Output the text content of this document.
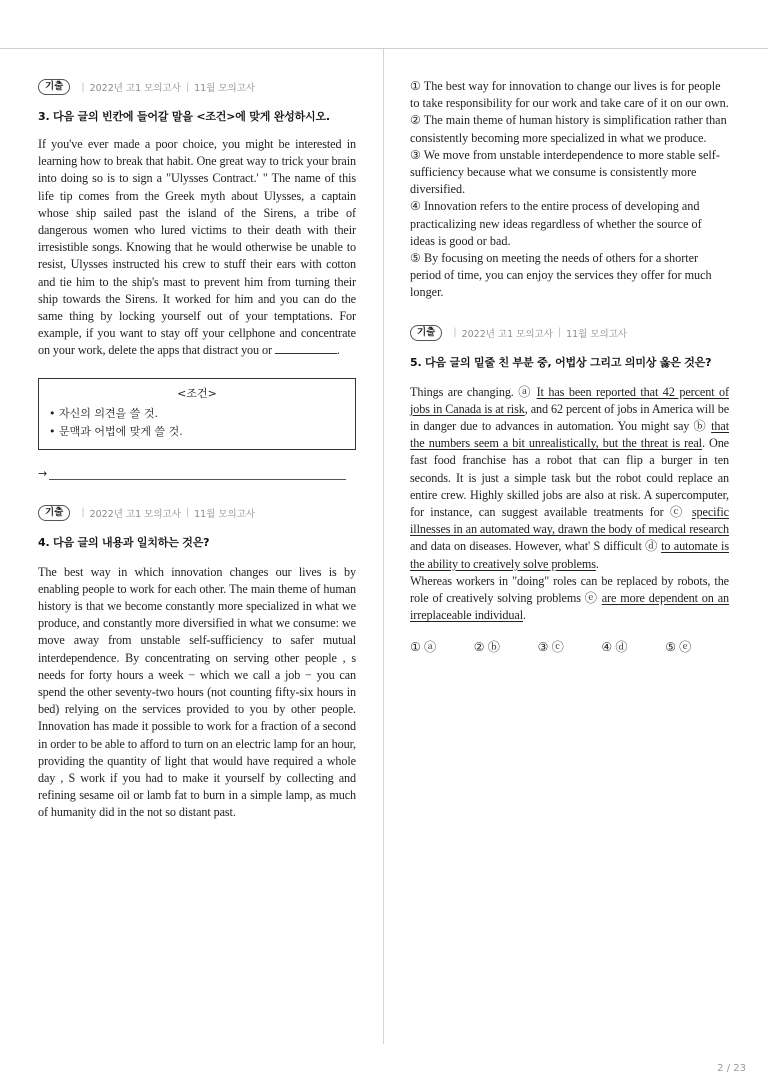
기출	| 2022년 고1 모의고사 | 11월 모의고사
3. 다음 글의 빈칸에 들어갈 말을 <조건>에 맞게 완성하시오.
If you've ever made a poor choice, you might be interested in learning how to break that habit. One great way to trick your brain into doing so is to sign a "Ulysses Contract.' " The name of this life tip comes from the Greek myth about Ulysses, a captain whose ship sailed past the island of the Sirens, a tribe of dangerous women who lured victims to their death with their irresistible songs. Knowing that he would otherwise be unable to resist, Ulysses instructed his crew to stuff their ears with cotton and tie him to the ship's mast to prevent him from turning their ship towards the Sirens. It worked for him and you can do the same thing by locking yourself out of your temptations. For example, if you want to stay off your cellphone and concentrate on your work, delete the apps that distract you or	.
<조건>
• 자신의 의견을 쓸 것.
• 문맥과 어법에 맞게 쓸 것.
→
기출	| 2022년 고1 모의고사 | 11월 모의고사
4. 다음 글의 내용과 일치하는 것은?
The best way in which innovation changes our lives is by enabling people to work for each other. The main theme of human history is that we become constantly more specialized in what we produce, and constantly more diversified in what we consume: we move away from unstable self-sufficiency to safer mutual interdependence. By concentrating on serving other people , s needs for forty hours a week − which we call a job − you can spend the other seventy-two hours (not counting fifty-six hours in bed) relying on the services provided to you by other people. Innovation has made it possible to work for a fraction of a second in order to be able to afford to turn on an electric lamp for an hour, providing the quantity of light that would have required a whole day , S work if you had to make it yourself by collecting and refining sesame oil or lamb fat to burn in a simple lamp, as much of humanity did in the not so distant past.

① The best way for innovation to change our lives is for people to take responsibility for our work and take care of it on our own.

② The main theme of human history is simplification rather than consistently becoming more specialized in what we produce.

③ We move from unstable interdependence to more stable self-sufficiency because what we consume is consistently more diversified.

④ Innovation refers to the entire process of developing and practicalizing new ideas regardless of whether the source of ideas is good or bad.

⑤ By focusing on meeting the needs of others for a shorter period of time, you can enjoy the services they offer for much longer.

기출	| 2022년 고1 모의고사 | 11월 모의고사
5. 다음 글의 밑줄 친 부분 중, 어법상 그리고 의미상 옳은 것은?

Things are changing. ⓐ It has been reported that 42 percent of jobs in Canada is at risk, and 62 percent of jobs in America will be in danger due to advances in automation. You might say ⓑ that the numbers seem a bit unrealistically, but the threat is real. One fast food franchise has a robot that can flip a burger in ten seconds. It is just a simple task but the robot could replace an entire crew. Highly skilled jobs are also at risk. A supercomputer, for instance, can suggest available treatments for ⓒ specific illnesses in an automated way, drawn the body of medical research and data on diseases. However, what' S difficult ⓓ to automate is the ability to creatively solve problems.

Whereas workers in "doing" roles can be replaced by robots, the role of creatively solving problems ⓔ are more dependent on an irreplaceable individual.

① ⓐ	② ⓑ	③ ⓒ	④ ⓓ	⑤ ⓔ
2 / 23
